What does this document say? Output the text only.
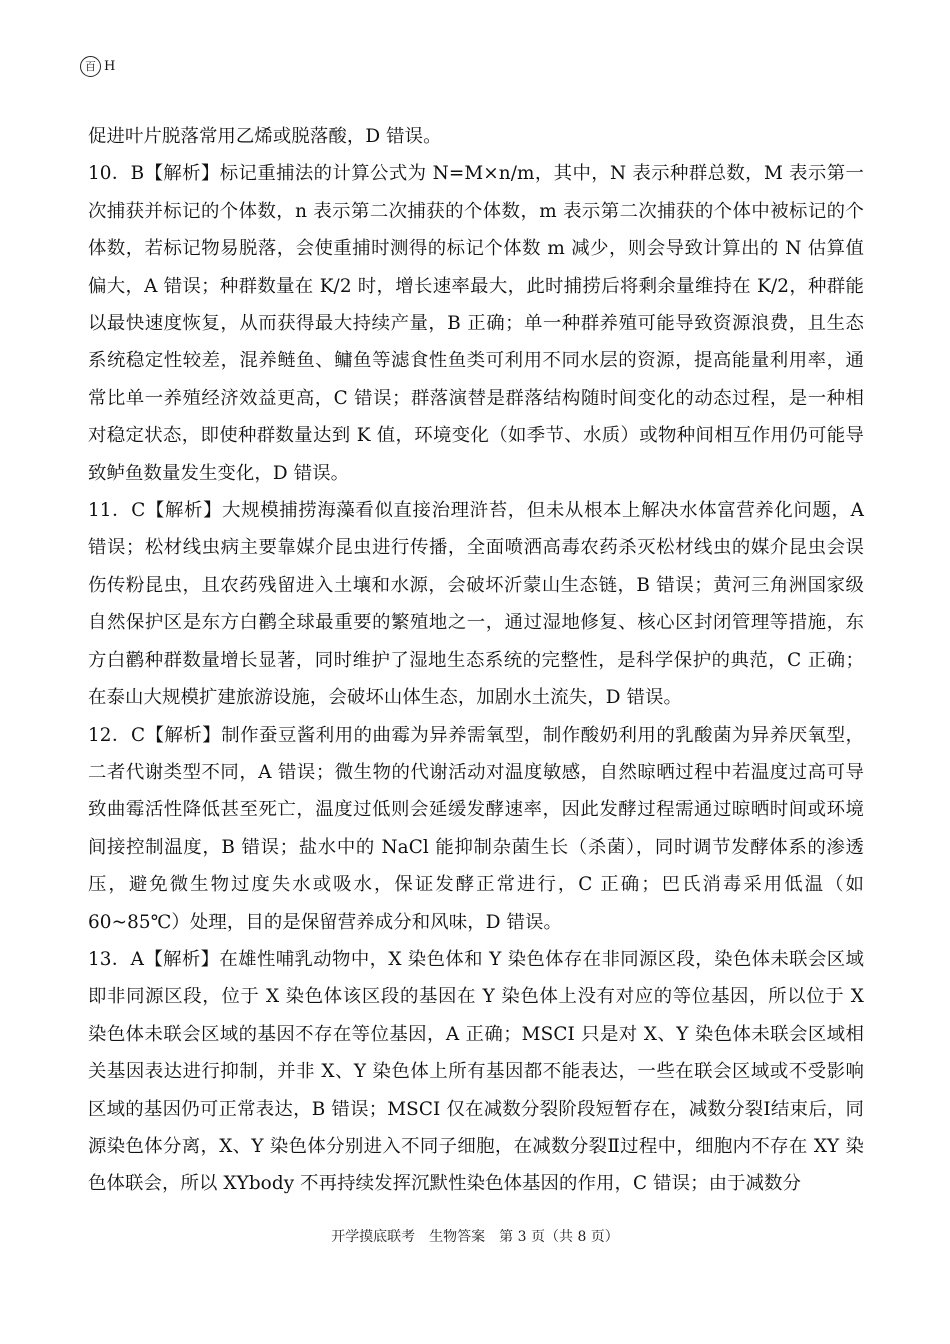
百 H

促进叶片脱落常用乙烯或脱落酸，D 错误。

10．B【解析】标记重捕法的计算公式为 N=M×n/m，其中，N 表示种群总数，M 表示第一次捕获并标记的个体数，n 表示第二次捕获的个体数，m 表示第二次捕获的个体中被标记的个体数，若标记物易脱落，会使重捕时测得的标记个体数 m 减少，则会导致计算出的 N 估算值偏大，A 错误；种群数量在 K/2 时，增长速率最大，此时捕捞后将剩余量维持在 K/2，种群能以最快速度恢复，从而获得最大持续产量，B 正确；单一种群养殖可能导致资源浪费，且生态系统稳定性较差，混养鲢鱼、鳙鱼等滤食性鱼类可利用不同水层的资源，提高能量利用率，通常比单一养殖经济效益更高，C 错误；群落演替是群落结构随时间变化的动态过程，是一种相对稳定状态，即使种群数量达到 K 值，环境变化（如季节、水质）或物种间相互作用仍可能导致鲈鱼数量发生变化，D 错误。

11．C【解析】大规模捕捞海藻看似直接治理浒苔，但未从根本上解决水体富营养化问题，A 错误；松材线虫病主要靠媒介昆虫进行传播，全面喷洒高毒农药杀灭松材线虫的媒介昆虫会误伤传粉昆虫，且农药残留进入土壤和水源，会破坏沂蒙山生态链，B 错误；黄河三角洲国家级自然保护区是东方白鹳全球最重要的繁殖地之一，通过湿地修复、核心区封闭管理等措施，东方白鹳种群数量增长显著，同时维护了湿地生态系统的完整性，是科学保护的典范，C 正确；在泰山大规模扩建旅游设施，会破坏山体生态，加剧水土流失，D 错误。

12．C【解析】制作蚕豆酱利用的曲霉为异养需氧型，制作酸奶利用的乳酸菌为异养厌氧型，二者代谢类型不同，A 错误；微生物的代谢活动对温度敏感，自然晾晒过程中若温度过高可导致曲霉活性降低甚至死亡，温度过低则会延缓发酵速率，因此发酵过程需通过晾晒时间或环境间接控制温度，B 错误；盐水中的 NaCl 能抑制杂菌生长（杀菌），同时调节发酵体系的渗透压，避免微生物过度失水或吸水，保证发酵正常进行，C 正确；巴氏消毒采用低温（如 60~85℃）处理，目的是保留营养成分和风味，D 错误。

13．A【解析】在雄性哺乳动物中，X 染色体和 Y 染色体存在非同源区段，染色体未联会区域即非同源区段，位于 X 染色体该区段的基因在 Y 染色体上没有对应的等位基因，所以位于 X 染色体未联会区域的基因不存在等位基因，A 正确；MSCI 只是对 X、Y 染色体未联会区域相关基因表达进行抑制，并非 X、Y 染色体上所有基因都不能表达，一些在联会区域或不受影响区域的基因仍可正常表达，B 错误；MSCI 仅在减数分裂阶段短暂存在，减数分裂Ⅰ结束后，同源染色体分离，X、Y 染色体分别进入不同子细胞，在减数分裂Ⅱ过程中，细胞内不存在 XY 染色体联会，所以 XYbody 不再持续发挥沉默性染色体基因的作用，C 错误；由于减数分

开学摸底联考　生物答案　第 3 页（共 8 页）
